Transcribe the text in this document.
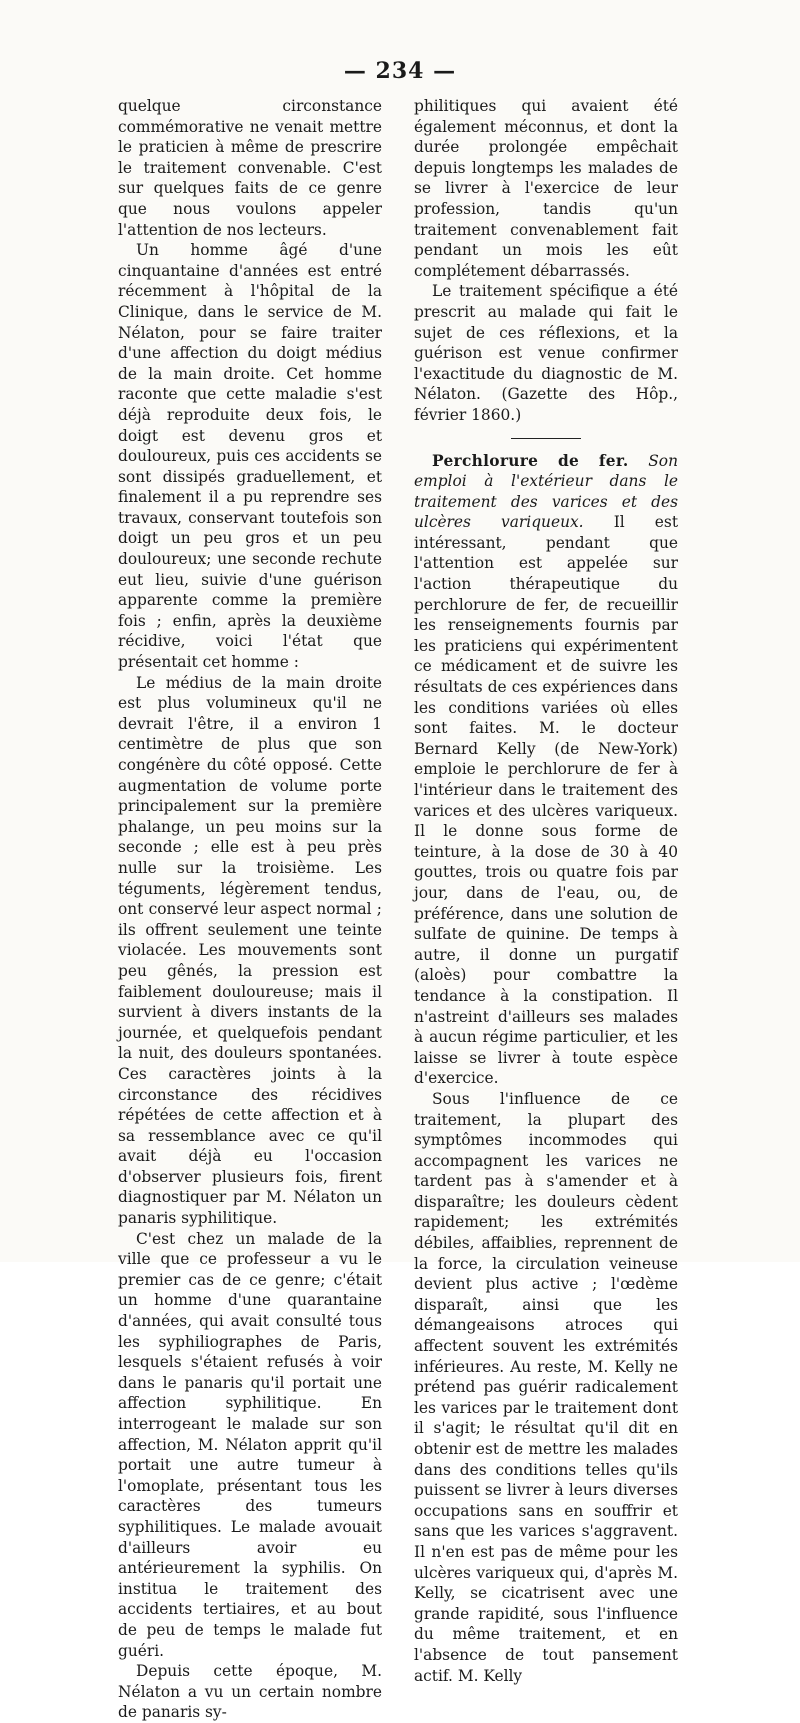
— 234 —

quelque circonstance commémorative ne venait mettre le praticien à même de prescrire le traitement convenable. C'est sur quelques faits de ce genre que nous voulons appeler l'attention de nos lecteurs.

Un homme âgé d'une cinquantaine d'années est entré récemment à l'hôpital de la Clinique, dans le service de M. Nélaton, pour se faire traiter d'une affection du doigt médius de la main droite. Cet homme raconte que cette maladie s'est déjà reproduite deux fois, le doigt est devenu gros et douloureux, puis ces accidents se sont dissipés graduellement, et finalement il a pu reprendre ses travaux, conservant toutefois son doigt un peu gros et un peu douloureux; une seconde rechute eut lieu, suivie d'une guérison apparente comme la première fois ; enfin, après la deuxième récidive, voici l'état que présentait cet homme :

Le médius de la main droite est plus volumineux qu'il ne devrait l'être, il a environ 1 centimètre de plus que son congénère du côté opposé. Cette augmentation de volume porte principalement sur la première phalange, un peu moins sur la seconde ; elle est à peu près nulle sur la troisième. Les téguments, légèrement tendus, ont conservé leur aspect normal ; ils offrent seulement une teinte violacée. Les mouvements sont peu gênés, la pression est faiblement douloureuse; mais il survient à divers instants de la journée, et quelquefois pendant la nuit, des douleurs spontanées. Ces caractères joints à la circonstance des récidives répétées de cette affection et à sa ressemblance avec ce qu'il avait déjà eu l'occasion d'observer plusieurs fois, firent diagnostiquer par M. Nélaton un panaris syphilitique.

C'est chez un malade de la ville que ce professeur a vu le premier cas de ce genre; c'était un homme d'une quarantaine d'années, qui avait consulté tous les syphiliographes de Paris, lesquels s'étaient refusés à voir dans le panaris qu'il portait une affection syphilitique. En interrogeant le malade sur son affection, M. Nélaton apprit qu'il portait une autre tumeur à l'omoplate, présentant tous les caractères des tumeurs syphilitiques. Le malade avouait d'ailleurs avoir eu antérieurement la syphilis. On institua le traitement des accidents tertiaires, et au bout de peu de temps le malade fut guéri.

Depuis cette époque, M. Nélaton a vu un certain nombre de panaris sy-

philitiques qui avaient été également méconnus, et dont la durée prolongée empêchait depuis longtemps les malades de se livrer à l'exercice de leur profession, tandis qu'un traitement convenablement fait pendant un mois les eût complétement débarrassés.

Le traitement spécifique a été prescrit au malade qui fait le sujet de ces réflexions, et la guérison est venue confirmer l'exactitude du diagnostic de M. Nélaton. (Gazette des Hôp., février 1860.)

Perchlorure de fer. Son emploi à l'extérieur dans le traitement des varices et des ulcères variqueux. Il est intéressant, pendant que l'attention est appelée sur l'action thérapeutique du perchlorure de fer, de recueillir les renseignements fournis par les praticiens qui expérimentent ce médicament et de suivre les résultats de ces expériences dans les conditions variées où elles sont faites. M. le docteur Bernard Kelly (de New-York) emploie le perchlorure de fer à l'intérieur dans le traitement des varices et des ulcères variqueux. Il le donne sous forme de teinture, à la dose de 30 à 40 gouttes, trois ou quatre fois par jour, dans de l'eau, ou, de préférence, dans une solution de sulfate de quinine. De temps à autre, il donne un purgatif (aloès) pour combattre la tendance à la constipation. Il n'astreint d'ailleurs ses malades à aucun régime particulier, et les laisse se livrer à toute espèce d'exercice.

Sous l'influence de ce traitement, la plupart des symptômes incommodes qui accompagnent les varices ne tardent pas à s'amender et à disparaître; les douleurs cèdent rapidement; les extrémités débiles, affaiblies, reprennent de la force, la circulation veineuse devient plus active ; l'œdème disparaît, ainsi que les démangeaisons atroces qui affectent souvent les extrémités inférieures. Au reste, M. Kelly ne prétend pas guérir radicalement les varices par le traitement dont il s'agit; le résultat qu'il dit en obtenir est de mettre les malades dans des conditions telles qu'ils puissent se livrer à leurs diverses occupations sans en souffrir et sans que les varices s'aggravent. Il n'en est pas de même pour les ulcères variqueux qui, d'après M. Kelly, se cicatrisent avec une grande rapidité, sous l'influence du même traitement, et en l'absence de tout pansement actif. M. Kelly
